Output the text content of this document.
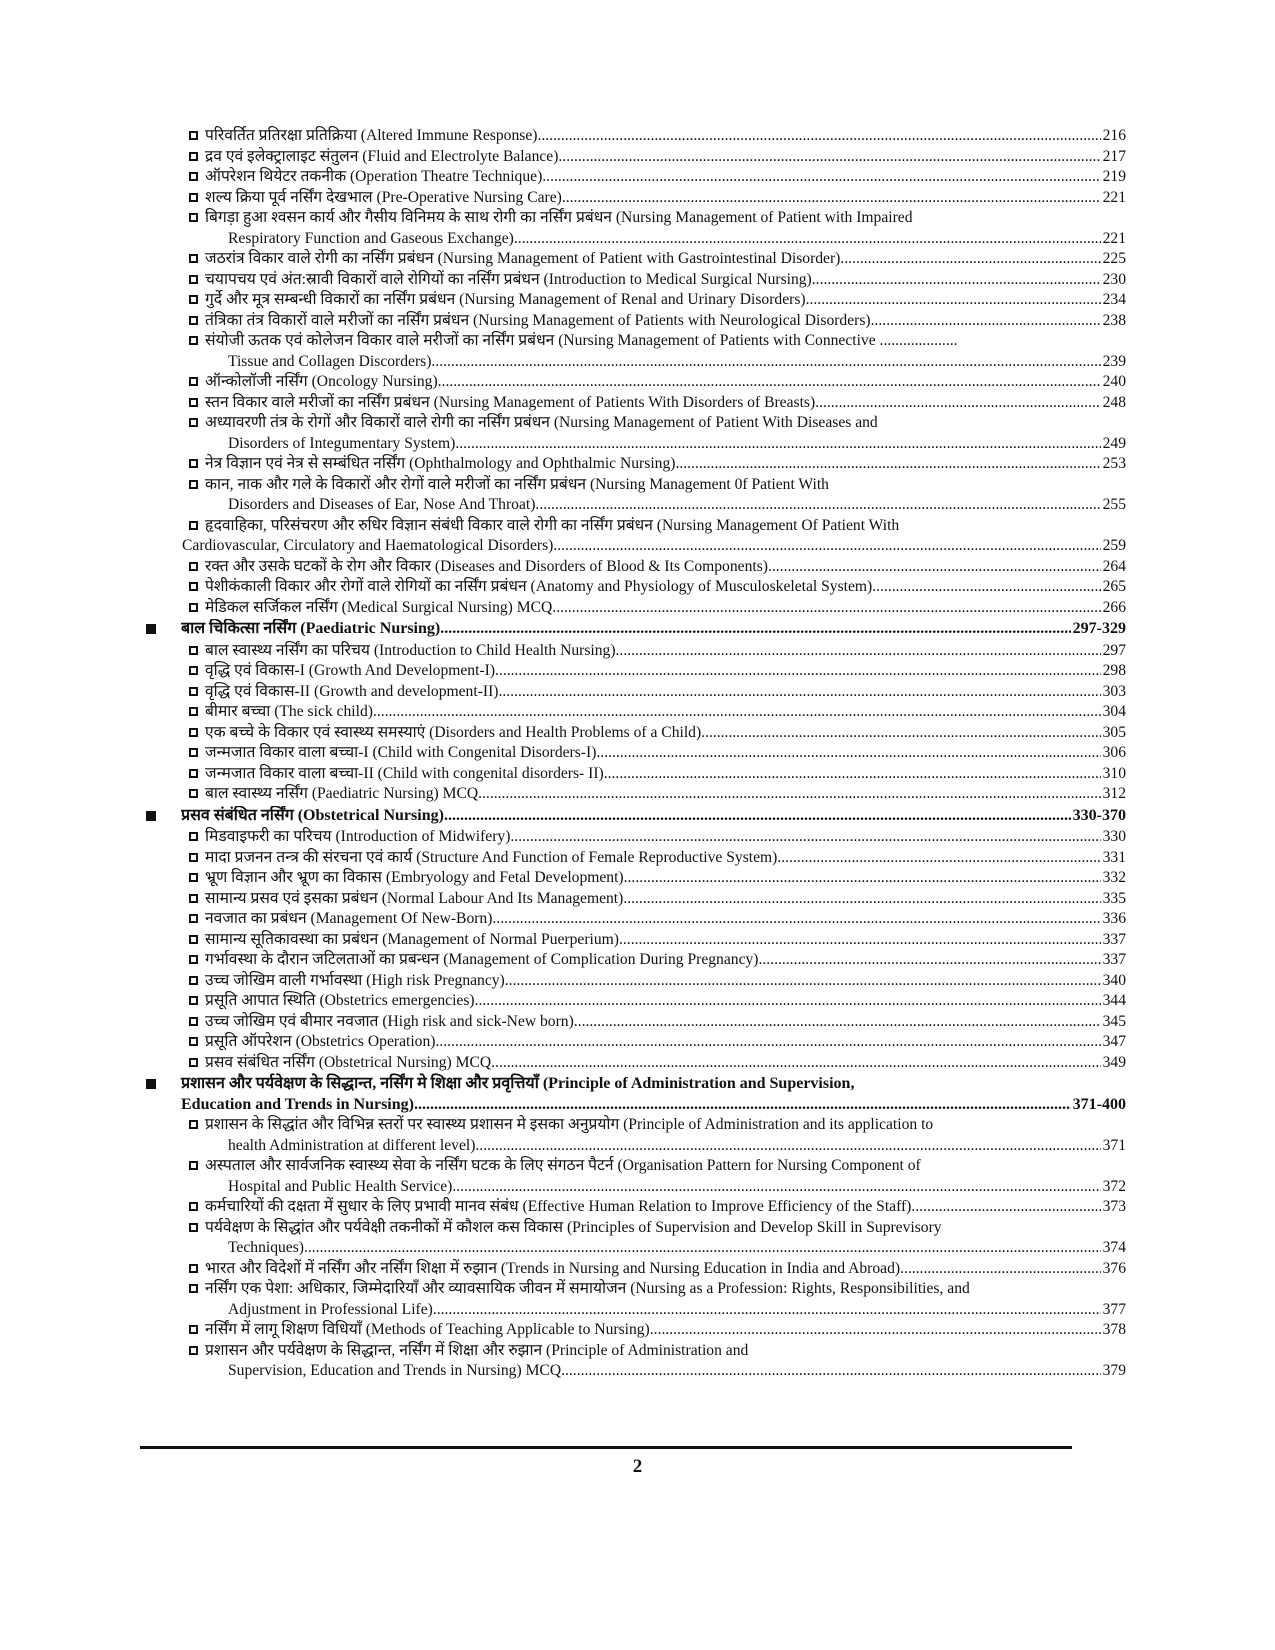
परिवर्तित प्रतिरक्षा प्रतिक्रिया (Altered Immune Response) .....	216
द्रव एवं इलेक्ट्रालाइट संतुलन (Fluid and Electrolyte Balance) .....	217
ऑपरेशन थियेटर तकनीक (Operation Theatre Technique) .....	219
शल्य क्रिया पूर्व नर्सिंग देखभाल (Pre-Operative Nursing Care) .....	221
बिगड़ा हुआ श्वसन कार्य और गैसीय विनिमय के साथ रोगी का नर्सिंग प्रबंधन (Nursing Management of Patient with Impaired
Respiratory Function and Gaseous Exchange) .....	221
जठरांत्र विकार वाले रोगी का नर्सिंग प्रबंधन (Nursing Management of Patient with Gastrointestinal Disorder) .....	225
चयापचय एवं अंत:स्रावी विकारों वाले रोगियों का नर्सिंग प्रबंधन (Introduction to Medical Surgical Nursing) .....	230
गुर्दे और मूत्र सम्बन्धी विकारों का नर्सिंग प्रबंधन (Nursing Management of Renal and Urinary Disorders) .....	234
तंत्रिका तंत्र विकारों वाले मरीजों का नर्सिंग प्रबंधन (Nursing Management of Patients with Neurological Disorders) .....	238
संयोजी ऊतक एवं कोलेजन विकार वाले मरीजों का नर्सिंग प्रबंधन (Nursing Management of Patients with Connective ....................
Tissue and Collagen Discorders) .....	239
ऑन्कोलॉजी नर्सिंग (Oncology Nursing) .....	240
स्तन विकार वाले मरीजों का नर्सिंग प्रबंधन (Nursing Management of Patients With Disorders of Breasts) .....	248
अध्यावरणी तंत्र के रोगों और विकारों वाले रोगी का नर्सिंग प्रबंधन (Nursing Management of Patient With Diseases and
Disorders of Integumentary System) .....	249
नेत्र विज्ञान एवं नेत्र से सम्बंधित नर्सिंग (Ophthalmology and Ophthalmic Nursing) .....	253
कान, नाक और गले के विकारों और रोगों वाले मरीजों का नर्सिंग प्रबंधन (Nursing Management 0f Patient With
Disorders and Diseases of Ear, Nose And Throat) .....	255
हृदवाहिका, परिसंचरण और रुधिर विज्ञान संबंधी विकार वाले रोगी का नर्सिंग प्रबंधन (Nursing Management Of Patient With
Cardiovascular, Circulatory and Haematological Disorders) .....	259
रक्त और उसके घटकों के रोग और विकार (Diseases and Disorders of Blood & Its Components) .....	264
पेशीकंकाली विकार और रोगों वाले रोगियों का नर्सिंग प्रबंधन (Anatomy and Physiology of Musculoskeletal System) .....	265
मेडिकल सर्जिकल नर्सिंग (Medical Surgical Nursing) MCQ .....	266
बाल चिकित्सा नर्सिंग (Paediatric Nursing) .....	297-329
बाल स्वास्थ्य नर्सिंग का परिचय (Introduction to Child Health Nursing) .....	297
वृद्धि एवं विकास-I (Growth And Development-I) .....	298
वृद्धि एवं विकास-II (Growth and development-II) .....	303
बीमार बच्चा (The sick child) .....	304
एक बच्चे के विकार एवं स्वास्थ्य समस्याएं (Disorders and Health Problems of a Child) .....	305
जन्मजात विकार वाला बच्चा-I (Child with Congenital Disorders-I) .....	306
जन्मजात विकार वाला बच्चा-II (Child with congenital disorders- II) .....	310
बाल स्वास्थ्य नर्सिंग (Paediatric Nursing) MCQ .....	312
प्रसव संबंधित नर्सिंग (Obstetrical Nursing) .....	330-370
मिडवाइफरी का परिचय (Introduction of Midwifery) .....	330
मादा प्रजनन तन्त्र की संरचना एवं कार्य (Structure And Function of Female Reproductive System) .....	331
भ्रूण विज्ञान और भ्रूण का विकास (Embryology and Fetal Development) .....	332
सामान्य प्रसव एवं इसका प्रबंधन (Normal Labour And Its Management) .....	335
नवजात का प्रबंधन (Management Of New-Born) .....	336
सामान्य सूतिकावस्था का प्रबंधन (Management of Normal Puerperium) .....	337
गर्भावस्था के दौरान जटिलताओं का प्रबन्धन (Management of Complication During Pregnancy) .....	337
उच्च जोखिम वाली गर्भावस्था (High risk Pregnancy) .....	340
प्रसूति आपात स्थिति (Obstetrics emergencies) .....	344
उच्च जोखिम एवं बीमार नवजात (High risk and sick-New born) .....	345
प्रसूति ऑपरेशन (Obstetrics Operation) .....	347
प्रसव संबंधित नर्सिंग (Obstetrical Nursing) MCQ .....	349
प्रशासन और पर्यवेक्षण के सिद्धान्त, नर्सिंग मे शिक्षा और प्रवृत्तियाँ (Principle of Administration and Supervision,
Education and Trends in Nursing) .....	371-400
प्रशासन के सिद्धांत और विभिन्न स्तरों पर स्वास्थ्य प्रशासन मे इसका अनुप्रयोग (Principle of Administration and its application to
health Administration at different level) .....	371
अस्पताल और सार्वजनिक स्वास्थ्य सेवा के नर्सिंग घटक के लिए संगठन पैटर्न (Organisation Pattern for Nursing Component of
Hospital and Public Health Service) .....	372
कर्मचारियों की दक्षता में सुधार के लिए प्रभावी मानव संबंध (Effective Human Relation to Improve Efficiency of the Staff) .....	373
पर्यवेक्षण के सिद्धांत और पर्यवेक्षी तकनीकों में कौशल कस विकास (Principles of Supervision and Develop Skill in Suprevisory
Techniques) .....	374
भारत और विदेशों में नर्सिंग और नर्सिंग शिक्षा में रुझान (Trends in Nursing and Nursing Education in India and Abroad) .....	376
नर्सिंग एक पेशा: अधिकार, जिम्मेदारियाँ और व्यावसायिक जीवन में समायोजन (Nursing as a Profession: Rights, Responsibilities, and
Adjustment in Professional Life) .....	377
नर्सिंग में लागू शिक्षण विधियाँ (Methods of Teaching Applicable to Nursing) .....	378
प्रशासन और पर्यवेक्षण के सिद्धान्त, नर्सिंग में शिक्षा और रुझान (Principle of Administration and
Supervision, Education and Trends in Nursing) MCQ .....	379
2
